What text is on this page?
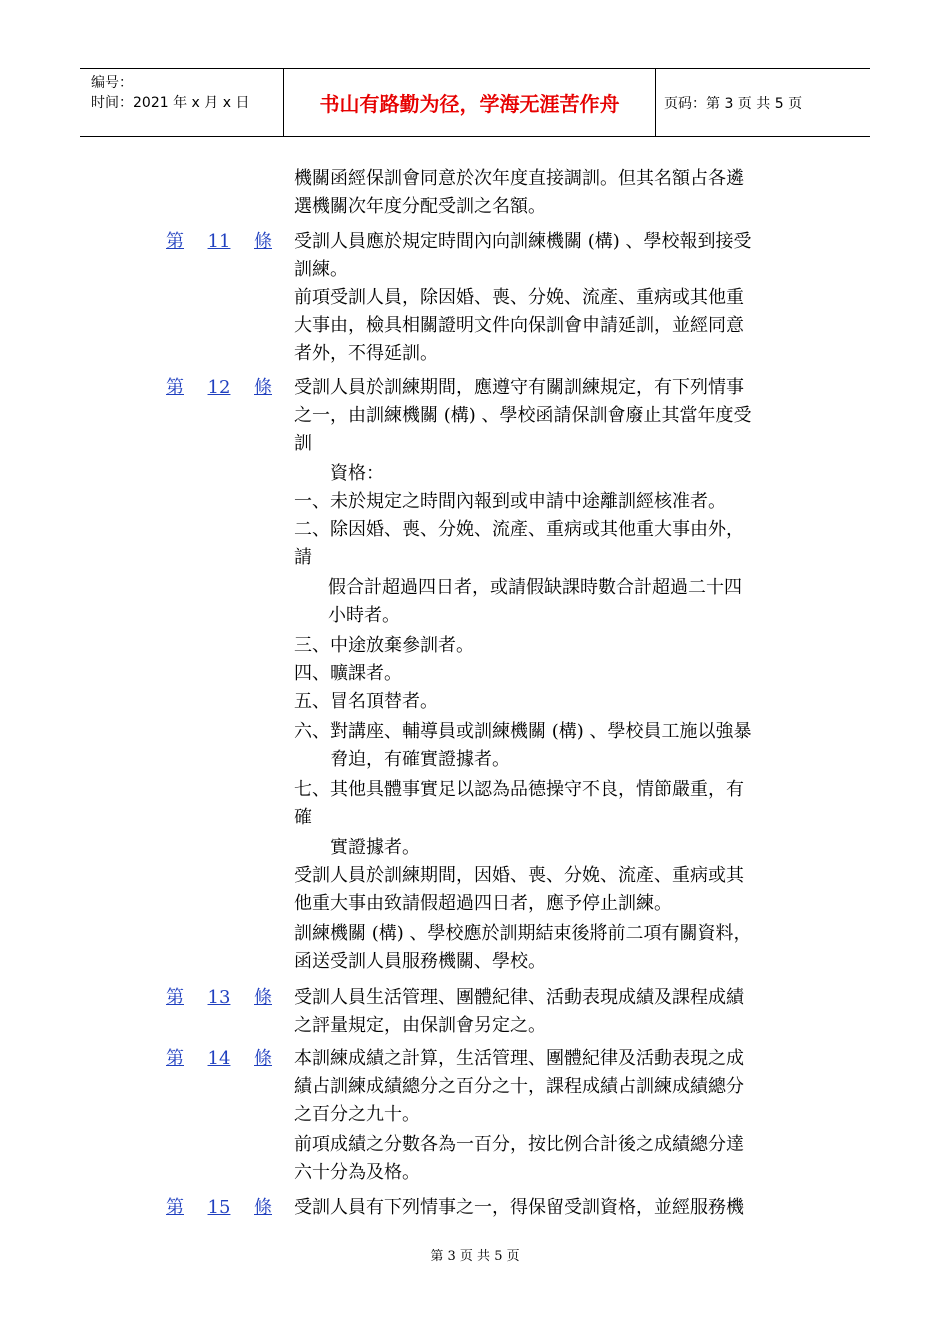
编号：
时间：2021 年 x 月 x 日	书山有路勤为径，学海无涯苦作舟	页码：第 3 页 共 5 页
第 11 條
第 12 條
第 13 條
第 14 條
第 15 條
機關函經保訓會同意於次年度直接調訓。但其名額占各遴
選機關次年度分配受訓之名額。
受訓人員應於規定時間內向訓練機關 (構) 、學校報到接受
訓練。
前項受訓人員，除因婚、喪、分娩、流產、重病或其他重
大事由，檢具相關證明文件向保訓會申請延訓，並經同意
者外，不得延訓。
受訓人員於訓練期間，應遵守有關訓練規定，有下列情事
之一，由訓練機關 (構) 、學校函請保訓會廢止其當年度受
訓
資格：
一、未於規定之時間內報到或申請中途離訓經核准者。
二、除因婚、喪、分娩、流產、重病或其他重大事由外，
請
假合計超過四日者，或請假缺課時數合計超過二十四
小時者。
三、中途放棄參訓者。
四、曠課者。
五、冒名頂替者。
六、對講座、輔導員或訓練機關 (構) 、學校員工施以強暴
脅迫，有確實證據者。
七、其他具體事實足以認為品德操守不良，情節嚴重，有
確
實證據者。
受訓人員於訓練期間，因婚、喪、分娩、流產、重病或其
他重大事由致請假超過四日者，應予停止訓練。
訓練機關 (構) 、學校應於訓期結束後將前二項有關資料，
函送受訓人員服務機關、學校。
受訓人員生活管理、團體紀律、活動表現成績及課程成績
之評量規定，由保訓會另定之。
本訓練成績之計算，生活管理、團體紀律及活動表現之成
績占訓練成績總分之百分之十，課程成績占訓練成績總分
之百分之九十。
前項成績之分數各為一百分，按比例合計後之成績總分達
六十分為及格。
受訓人員有下列情事之一，得保留受訓資格，並經服務機
第 3 页 共 5 页
